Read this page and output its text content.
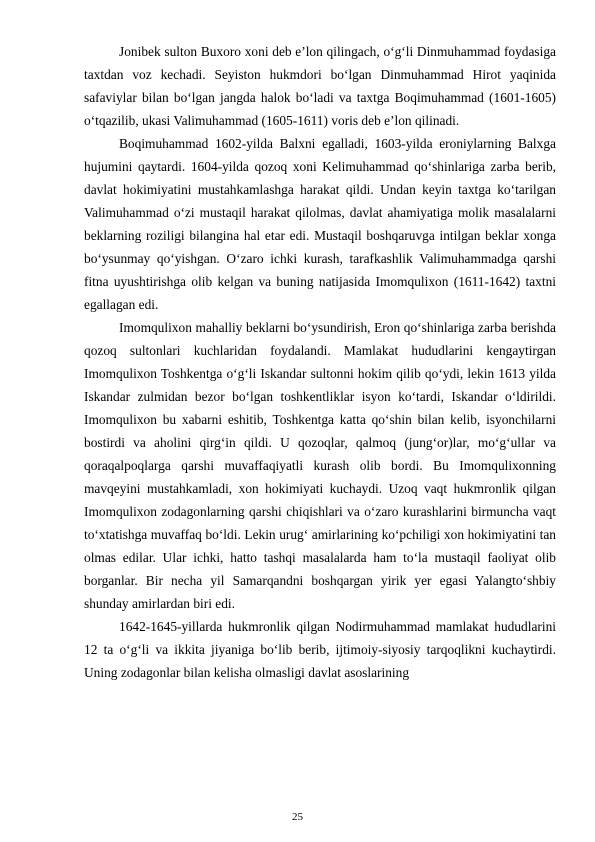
Jonibek sulton Buxoro xoni deb e’lon qilingach, o‘g‘li Dinmuhammad foydasiga taxtdan voz kechadi. Seyiston hukmdori bo‘lgan Dinmuhammad Hirot yaqinida safaviylar bilan bo‘lgan jangda halok bo‘ladi va taxtga Boqimuhammad (1601-1605) o‘tqazilib, ukasi Valimuhammad (1605-1611) voris deb e’lon qilinadi.

Boqimuhammad 1602-yilda Balxni egalladi, 1603-yilda eroniylarning Balxga hujumini qaytardi. 1604-yilda qozoq xoni Kelimuhammad qo‘shinlariga zarba berib, davlat hokimiyatini mustahkamlashga harakat qildi. Undan keyin taxtga ko‘tarilgan Valimuhammad o‘zi mustaqil harakat qilolmas, davlat ahamiyatiga molik masalalarni beklarning roziligi bilangina hal etar edi. Mustaqil boshqaruvga intilgan beklar xonga bo‘ysunmay qo‘yishgan. O‘zaro ichki kurash, tarafkashlik Valimuhammadga qarshi fitna uyushtirishga olib kelgan va buning natijasida Imomqulixon (1611-1642) taxtni egallagan edi.

Imomqulixon mahalliy beklarni bo‘ysundirish, Eron qo‘shinlariga zarba berishda qozoq sultonlari kuchlaridan foydalandi. Mamlakat hududlarini kengaytirgan Imomqulixon Toshkentga o‘g‘li Iskandar sultonni hokim qilib qo‘ydi, lekin 1613 yilda Iskandar zulmidan bezor bo‘lgan toshkentliklar isyon ko‘tardi, Iskandar o‘ldirildi. Imomqulixon bu xabarni eshitib, Toshkentga katta qo‘shin bilan kelib, isyonchilarni bostirdi va aholini qirg‘in qildi. U qozoqlar, qalmoq (jung‘or)lar, mo‘g‘ullar va qoraqalpoqlarga qarshi muvaffaqiyatli kurash olib bordi. Bu Imomqulixonning mavqeyini mustahkamladi, xon hokimiyati kuchaydi. Uzoq vaqt hukmronlik qilgan Imomqulixon zodagonlarning qarshi chiqishlari va o‘zaro kurashlarini birmuncha vaqt to‘xtatishga muvaffaq bo‘ldi. Lekin urug‘ amirlarining ko‘pchiligi xon hokimiyatini tan olmas edilar. Ular ichki, hatto tashqi masalalarda ham to‘la mustaqil faoliyat olib borganlar. Bir necha yil Samarqandni boshqargan yirik yer egasi Yalangto‘shbiy shunday amirlardan biri edi.

1642-1645-yillarda hukmronlik qilgan Nodirmuhammad mamlakat hududlarini 12 ta o‘g‘li va ikkita jiyaniga bo‘lib berib, ijtimoiy-siyosiy tarqoqlikni kuchaytirdi. Uning zodagonlar bilan kelisha olmasligi davlat asoslarining

25
